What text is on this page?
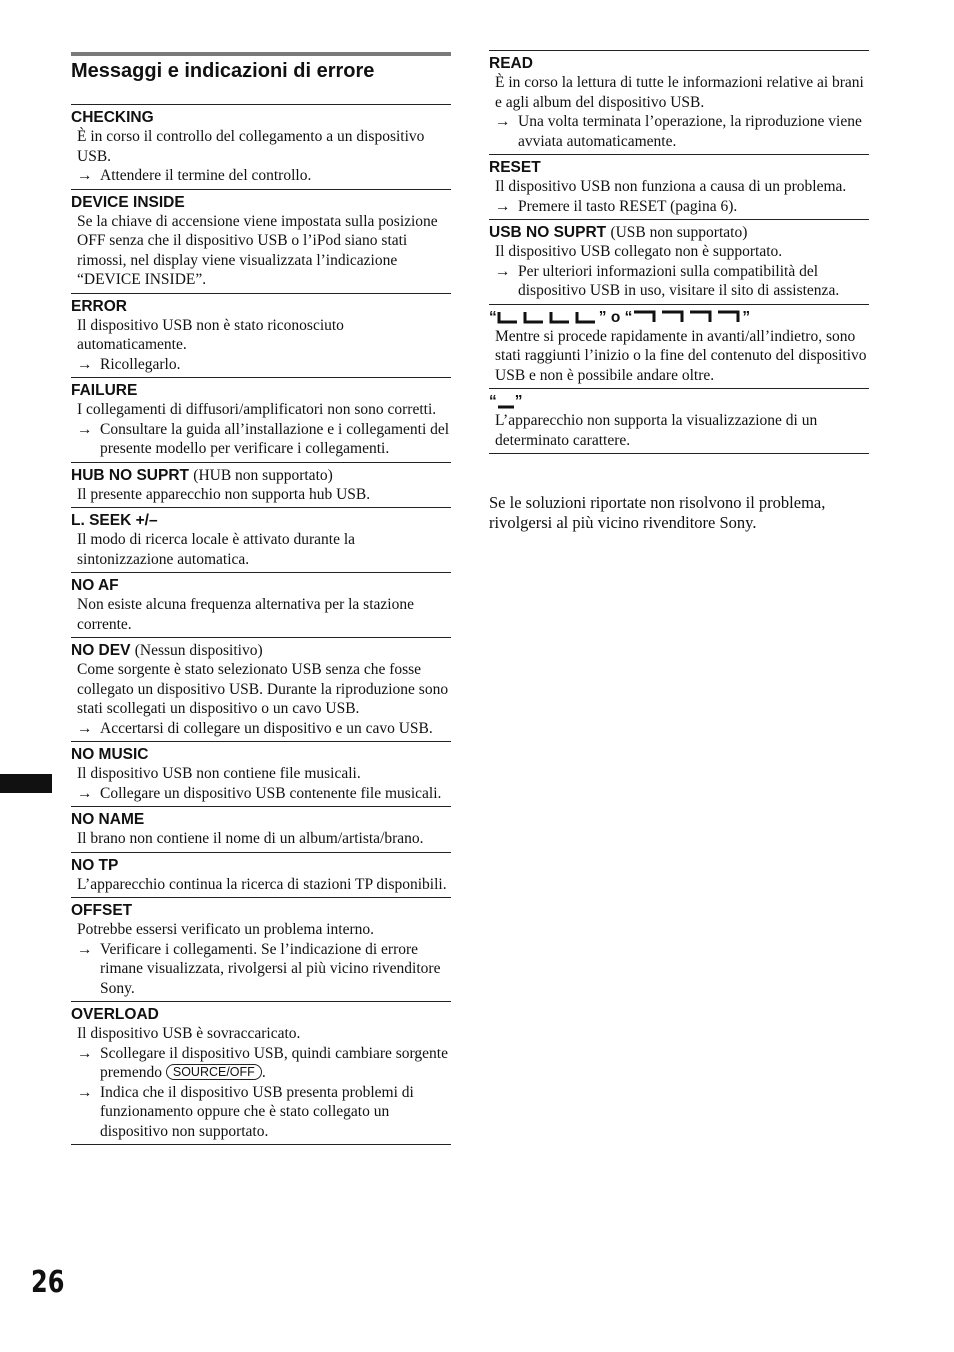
Messaggi e indicazioni di errore

CHECKING

È in corso il controllo del collegamento a un dispositivo USB.

→ Attendere il termine del controllo.

DEVICE INSIDE

Se la chiave di accensione viene impostata sulla posizione OFF senza che il dispositivo USB o l’iPod siano stati rimossi, nel display viene visualizzata l’indicazione “DEVICE INSIDE”.

ERROR

Il dispositivo USB non è stato riconosciuto automaticamente.

→ Ricollegarlo.

FAILURE

I collegamenti di diffusori/amplificatori non sono corretti.

→ Consultare la guida all’installazione e i collegamenti del presente modello per verificare i collegamenti.

HUB NO SUPRT (HUB non supportato)

Il presente apparecchio non supporta hub USB.

L. SEEK +/–

Il modo di ricerca locale è attivato durante la sintonizzazione automatica.

NO AF

Non esiste alcuna frequenza alternativa per la stazione corrente.

NO DEV (Nessun dispositivo)

Come sorgente è stato selezionato USB senza che fosse collegato un dispositivo USB. Durante la riproduzione sono stati scollegati un dispositivo o un cavo USB.

→ Accertarsi di collegare un dispositivo e un cavo USB.

NO MUSIC

Il dispositivo USB non contiene file musicali.

→ Collegare un dispositivo USB contenente file musicali.

NO NAME

Il brano non contiene il nome di un album/artista/brano.

NO TP

L’apparecchio continua la ricerca di stazioni TP disponibili.

OFFSET

Potrebbe essersi verificato un problema interno.

→ Verificare i collegamenti. Se l’indicazione di errore rimane visualizzata, rivolgersi al più vicino rivenditore Sony.

OVERLOAD

Il dispositivo USB è sovraccaricato.

→ Scollegare il dispositivo USB, quindi cambiare sorgente premendo SOURCE/OFF .

→ Indica che il dispositivo USB presenta problemi di funzionamento oppure che è stato collegato un dispositivo non supportato.

READ

È in corso la lettura di tutte le informazioni relative ai brani e agli album del dispositivo USB.

→ Una volta terminata l’operazione, la riproduzione viene avviata automaticamente.

RESET

Il dispositivo USB non funziona a causa di un problema.

→ Premere il tasto RESET (pagina 6).

USB NO SUPRT (USB non supportato)

Il dispositivo USB collegato non è supportato.

→ Per ulteriori informazioni sulla compatibilità del dispositivo USB in uso, visitare il sito di assistenza.

“	” o “	”

Mentre si procede rapidamente in avanti/all’indietro, sono stati raggiunti l’inizio o la fine del contenuto del dispositivo USB e non è possibile andare oltre.

“ ”

L’apparecchio non supporta la visualizzazione di un determinato carattere.

Se le soluzioni riportate non risolvono il problema, rivolgersi al più vicino rivenditore Sony.

26
